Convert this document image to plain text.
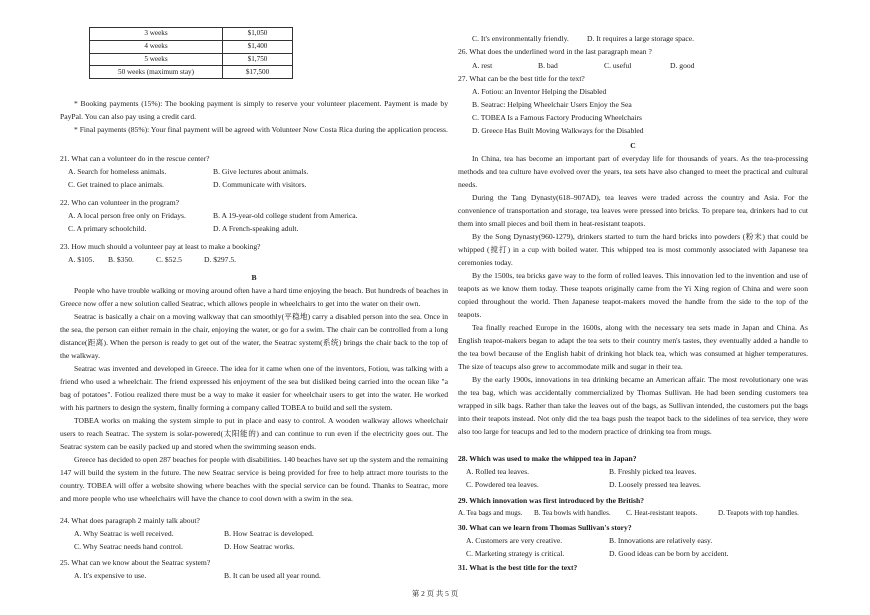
3 weeks	$1,050
4 weeks	$1,400
5 weeks	$1,750
50 weeks (maximum stay)	$17,500

* Booking payments (15%): The booking payment is simply to reserve your volunteer placement. Payment is made by PayPal. You can also pay using a credit card.

* Final payments (85%): Your final payment will be agreed with Volunteer Now Costa Rica during the application process.

21. What can a volunteer do in the rescue center?

A. Search for homeless animals.	B. Give lectures about animals.
C. Get trained to place animals.	D. Communicate with visitors.

22. Who can volunteer in the program?

A. A local person free only on Fridays.	B. A 19-year-old college student from America.
C. A primary schoolchild.	D. A French-speaking adult.

23. How much should a volunteer pay at least to make a booking?

A. $105.	B. $350.	C. $52.5	D. $297.5.

B

People who have trouble walking or moving around often have a hard time enjoying the beach. But hundreds of beaches in Greece now offer a new solution called Seatrac, which allows people in wheelchairs to get into the water on their own.

Seatrac is basically a chair on a moving walkway that can smoothly(平稳地) carry a disabled person into the sea. Once in the sea, the person can either remain in the chair, enjoying the water, or go for a swim. The chair can be controlled from a long distance(距离). When the person is ready to get out of the water, the Seatrac system(系统) brings the chair back to the top of the walkway.

Seatrac was invented and developed in Greece. The idea for it came when one of the inventors, Fotiou, was talking with a friend who used a wheelchair. The friend expressed his enjoyment of the sea but disliked being carried into the ocean like "a bag of potatoes". Fotiou realized there must be a way to make it easier for wheelchair users to get into the water. He worked with his partners to design the system, finally forming a company called TOBEA to build and sell the system.

TOBEA works on making the system simple to put in place and easy to control. A wooden walkway allows wheelchair users to reach Seatrac. The system is solar-powered(太阳能的) and can continue to run even if the electricity goes out. The Seatrac system can be easily packed up and stored when the swimming season ends.

Greece has decided to open 287 beaches for people with disabilities. 140 beaches have set up the system and the remaining 147 will build the system in the future. The new Seatrac service is being provided for free to help attract more tourists to the country. TOBEA will offer a website showing where beaches with the special service can be found. Thanks to Seatrac, more and more people who use wheelchairs will have the chance to cool down with a swim in the sea.

24. What does paragraph 2 mainly talk about?

A. Why Seatrac is well received.	B. How Seatrac is developed.
C. Why Seatrac needs hand control.	D. How Seatrac works.

25. What can we know about the Seatrac system?

A. It's expensive to use.	B. It can be used all year round.
C. It's environmentally friendly.	D. It requires a large storage space.

26. What does the underlined word in the last paragraph mean ?

A. rest	B. bad	C. useful	D. good

27. What can be the best title for the text?

A. Fotiou: an Inventor Helping the Disabled

B. Seatrac: Helping Wheelchair Users Enjoy the Sea

C. TOBEA Is a Famous Factory Producing Wheelchairs

D. Greece Has Built Moving Walkways for the Disabled

C

In China, tea has become an important part of everyday life for thousands of years. As the tea-processing methods and tea culture have evolved over the years, tea sets have also changed to meet the practical and cultural needs.

During the Tang Dynasty(618–907AD), tea leaves were traded across the country and Asia. For the convenience of transportation and storage, tea leaves were pressed into bricks. To prepare tea, drinkers had to cut them into small pieces and boil them in heat-resistant teapots.

By the Song Dynasty(960-1279), drinkers started to turn the hard bricks into powders (粉末) that could be whipped (搅打) in a cup with boiled water. This whipped tea is most commonly associated with Japanese tea ceremonies today.

By the 1500s, tea bricks gave way to the form of rolled leaves. This innovation led to the invention and use of teapots as we know them today. These teapots originally came from the Yi Xing region of China and were soon copied throughout the world. Then Japanese teapot-makers moved the handle from the side to the top of the teapots.

Tea finally reached Europe in the 1600s, along with the necessary tea sets made in Japan and China. As English teapot-makers began to adapt the tea sets to their country men's tastes, they eventually added a handle to the tea bowl because of the English habit of drinking hot black tea, which was consumed at higher temperatures. The size of teacups also grew to accommodate milk and sugar in their tea.

By the early 1900s, innovations in tea drinking became an American affair. The most revolutionary one was the tea bag, which was accidentally commercialized by Thomas Sullivan. He had been sending customers tea wrapped in silk bags. Rather than take the leaves out of the bags, as Sullivan intended, the customers put the bags into their teapots instead. Not only did the tea bags push the teapot back to the sidelines of tea service, they were also too large for teacups and led to the modern practice of drinking tea from mugs.

28. Which was used to make the whipped tea in Japan?

A. Rolled tea leaves.	B. Freshly picked tea leaves.
C. Powdered tea leaves.	D. Loosely pressed tea leaves.

29. Which innovation was first introduced by the British?

A. Tea bags and mugs.	B. Tea bowls with handles.	C. Heat-resistant teapots.	D. Teapots with top handles.

30. What can we learn from Thomas Sullivan's story?

A. Customers are very creative.	B. Innovations are relatively easy.
C. Marketing strategy is critical.	D. Good ideas can be born by accident.

31. What is the best title for the text?

第 2 页 共 5 页
